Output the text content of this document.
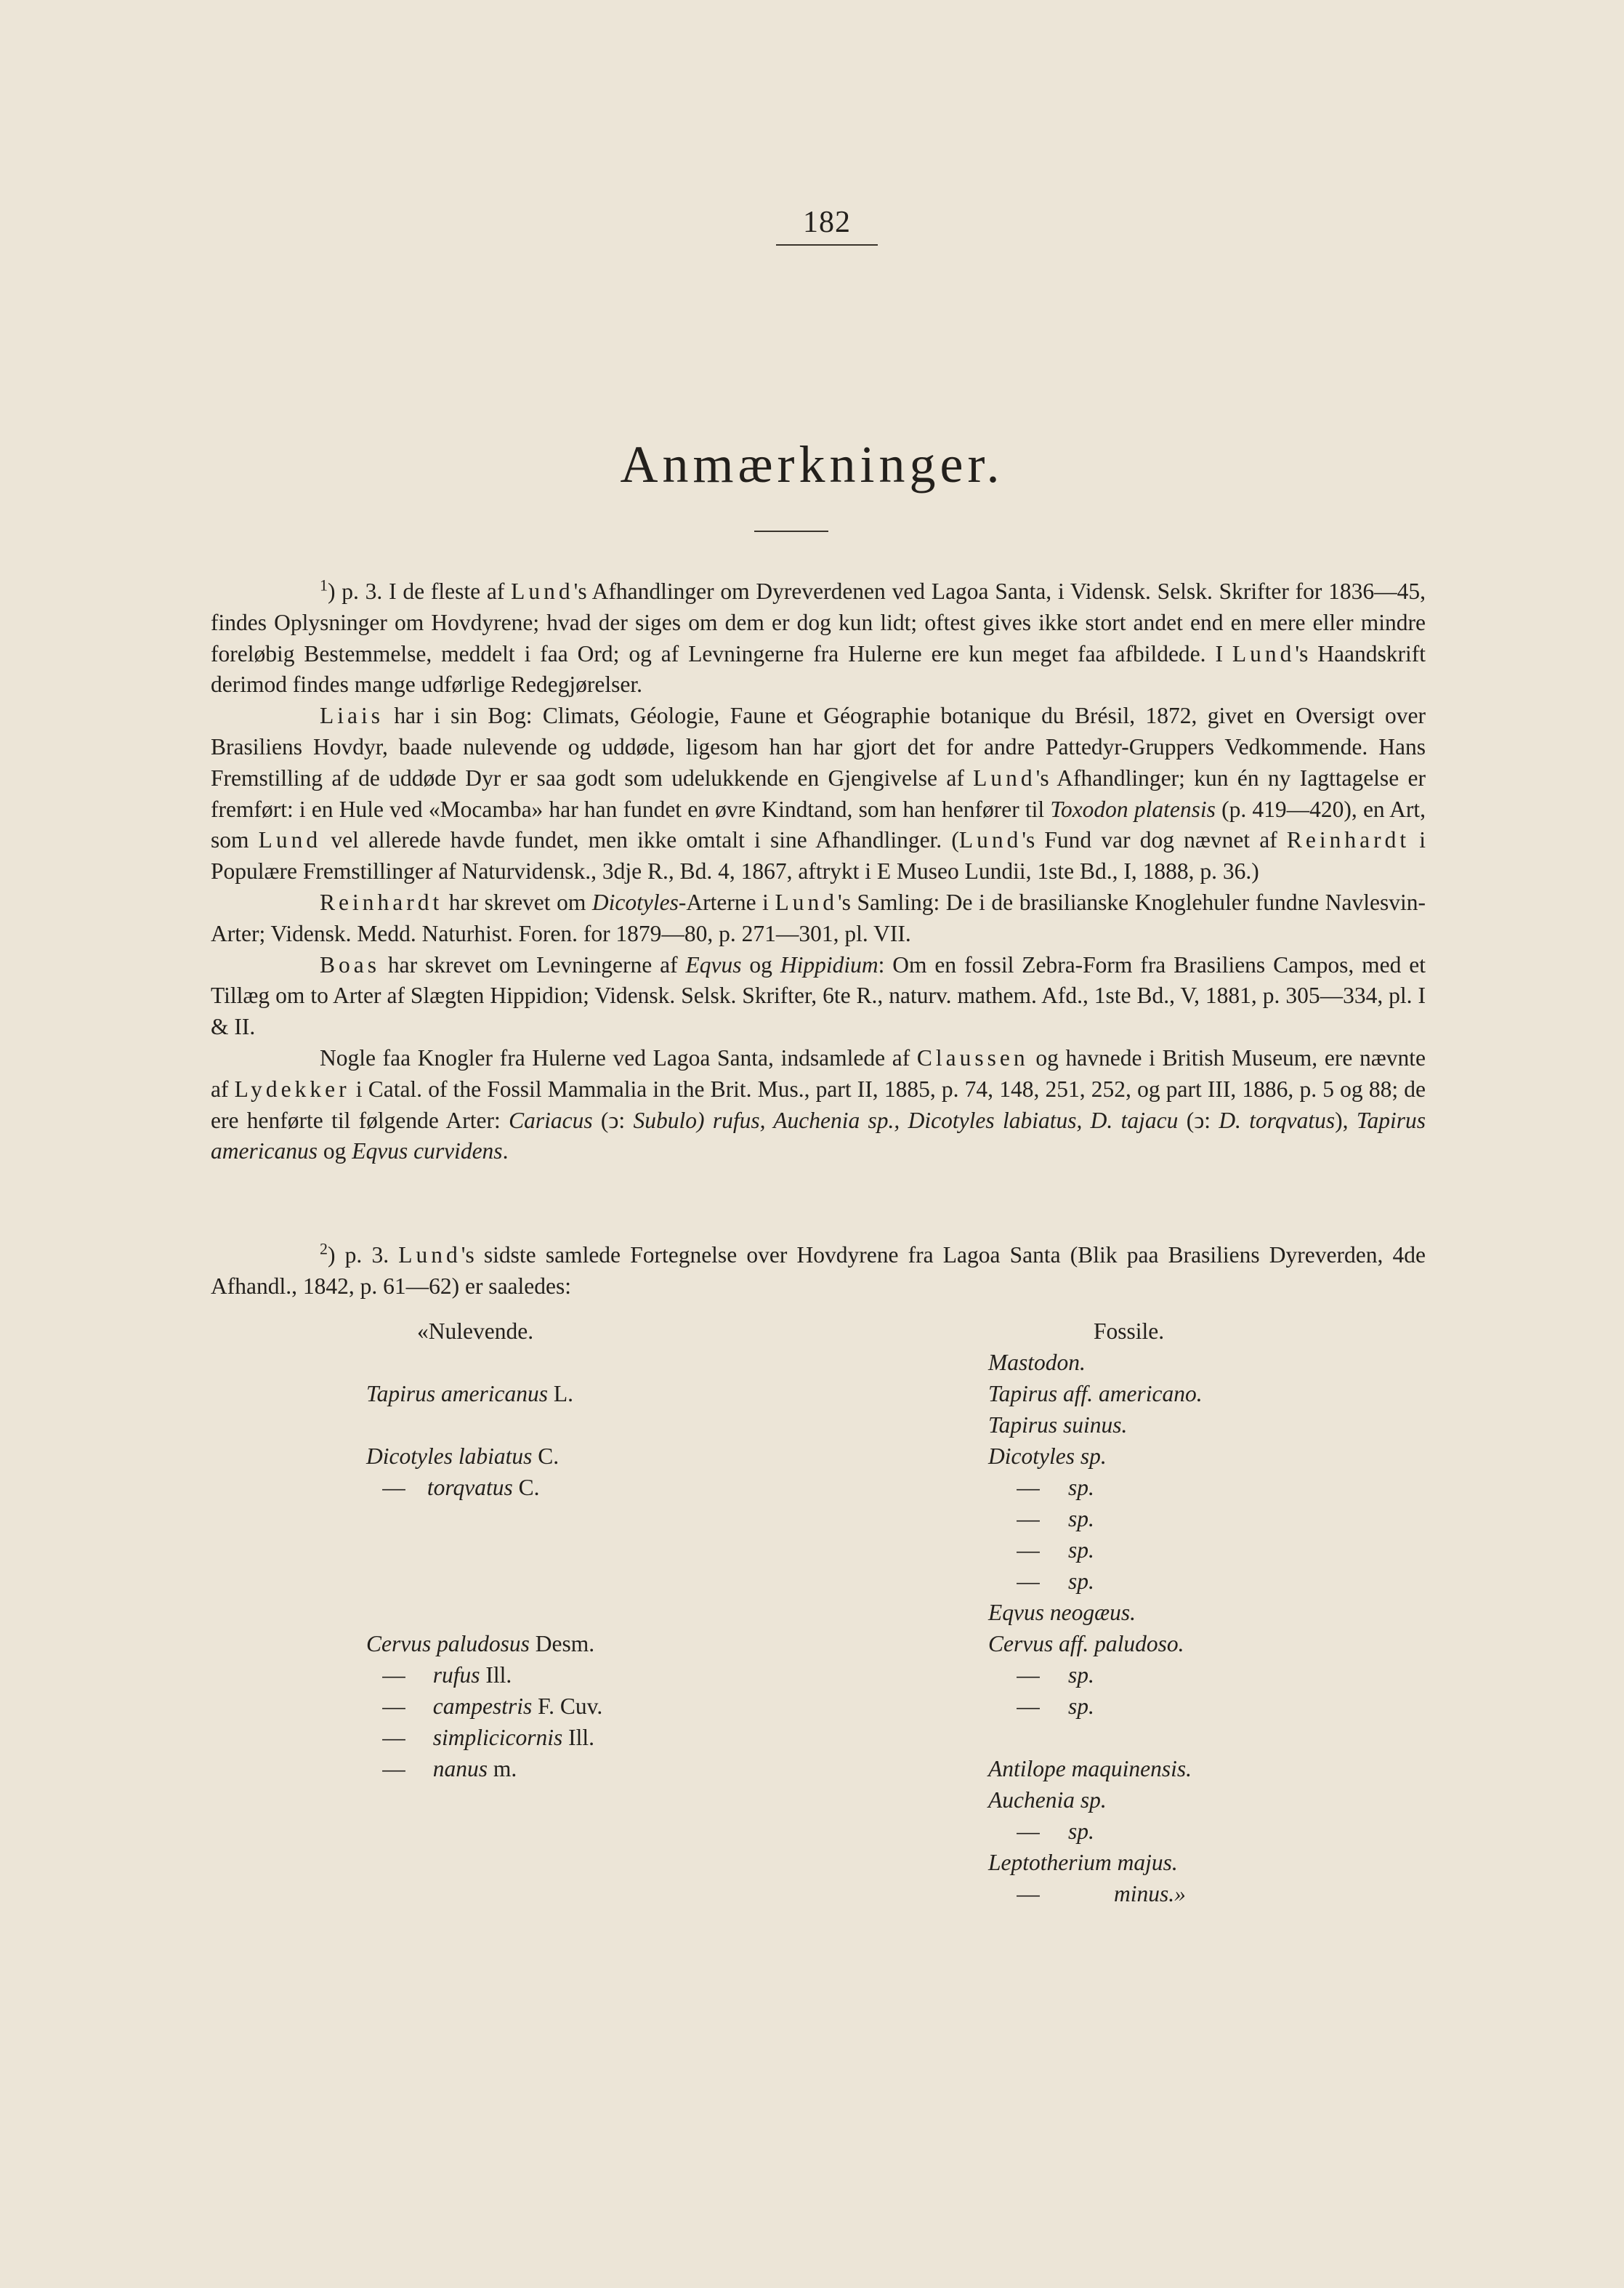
182
Anmærkninger.

$^1$) p. 3. I de fleste af Lund's Afhandlinger om Dyreverdenen ved Lagoa Santa, i Vidensk. Selsk. Skrifter for 1836—45, findes Oplysninger om Hovdyrene; hvad der siges om dem er dog kun lidt; oftest gives ikke stort andet end en mere eller mindre foreløbig Bestemmelse, meddelt i faa Ord; og af Levningerne fra Hulerne ere kun meget faa afbildede. I Lund's Haandskrift derimod findes mange udførlige Redegjørelser.

Liais har i sin Bog: Climats, Géologie, Faune et Géographie botanique du Brésil, 1872, givet en Oversigt over Brasiliens Hovdyr, baade nulevende og uddøde, ligesom han har gjort det for andre Pattedyr-Gruppers Vedkommende. Hans Fremstilling af de uddøde Dyr er saa godt som udelukkende en Gjengivelse af Lund's Afhandlinger; kun én ny Iagttagelse er fremført: i en Hule ved «Mocamba» har han fundet en øvre Kindtand, som han henfører til Toxodon platensis (p. 419—420), en Art, som Lund vel allerede havde fundet, men ikke omtalt i sine Afhandlinger. (Lund's Fund var dog nævnet af Reinhardt i Populære Fremstillinger af Naturvidensk., 3dje R., Bd. 4, 1867, aftrykt i E Museo Lundii, 1ste Bd., I, 1888, p. 36.)

Reinhardt har skrevet om Dicotyles-Arterne i Lund's Samling: De i de brasilianske Knoglehuler fundne Navlesvin-Arter; Vidensk. Medd. Naturhist. Foren. for 1879—80, p. 271—301, pl. VII.

Boas har skrevet om Levningerne af Eqvus og Hippidium: Om en fossil Zebra-Form fra Brasiliens Campos, med et Tillæg om to Arter af Slægten Hippidion; Vidensk. Selsk. Skrifter, 6te R., naturv. mathem. Afd., 1ste Bd., V, 1881, p. 305—334, pl. I & II.

Nogle faa Knogler fra Hulerne ved Lagoa Santa, indsamlede af Claussen og havnede i British Museum, ere nævnte af Lydekker i Catal. of the Fossil Mammalia in the Brit. Mus., part II, 1885, p. 74, 148, 251, 252, og part III, 1886, p. 5 og 88; de ere henførte til følgende Arter: Cariacus (ↄ: Subulo) rufus, Auchenia sp., Dicotyles labiatus, D. tajacu (ↄ: D. torqvatus), Tapirus americanus og Eqvus curvidens.

$^2$) p. 3. Lund's sidste samlede Fortegnelse over Hovdyrene fra Lagoa Santa (Blik paa Brasiliens Dyreverden, 4de Afhandl., 1842, p. 61—62) er saaledes:

«Nulevende.
Tapirus americanus L.
Dicotyles labiatus C.
— torqvatus C.
Cervus paludosus Desm.
— rufus Ill.
— campestris F. Cuv.
— simplicicornis Ill.
— nanus m.
Fossile.
Mastodon.
Tapirus aff. americano.
Tapirus suinus.
Dicotyles sp.
— sp.
— sp.
— sp.
— sp.
Eqvus neogæus.
Cervus aff. paludoso.
— sp.
— sp.
Antilope maquinensis.
Auchenia sp.
— sp.
Leptotherium majus.
—	minus.»
